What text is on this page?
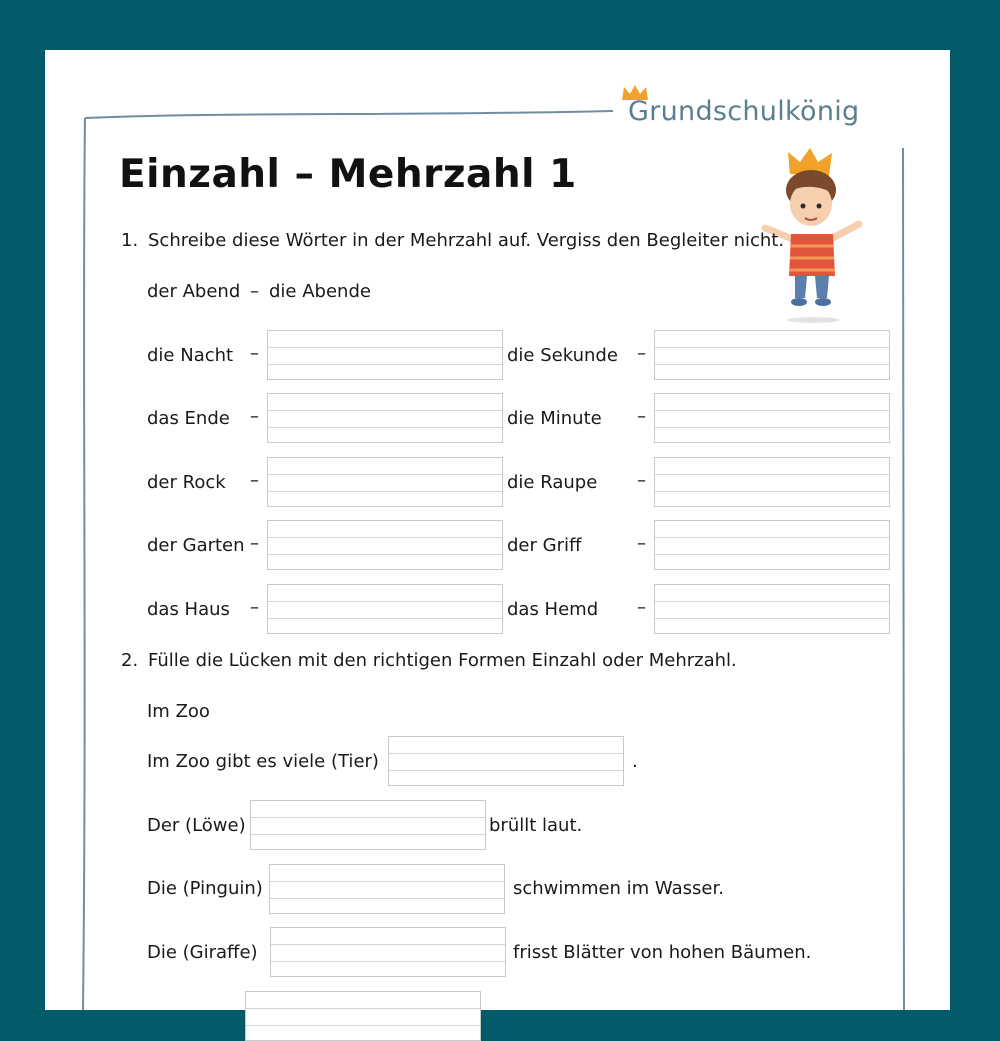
Grundschulkönig
Einzahl – Mehrzahl 1
1. Schreibe diese Wörter in der Mehrzahl auf. Vergiss den Begleiter nicht.
der Abend – die Abende
die Nacht –	die Sekunde –
das Ende –	die Minute –
der Rock –	die Raupe –
der Garten –	der Griff	–
das Haus –	das Hemd –
2. Fülle die Lücken mit den richtigen Formen Einzahl oder Mehrzahl.
Im Zoo
Im Zoo gibt es viele (Tier)	.
Der (Löwe)	brüllt laut.
Die (Pinguin)	schwimmen im Wasser.
Die (Giraffe)	frisst Blätter von hohen Bäumen.
